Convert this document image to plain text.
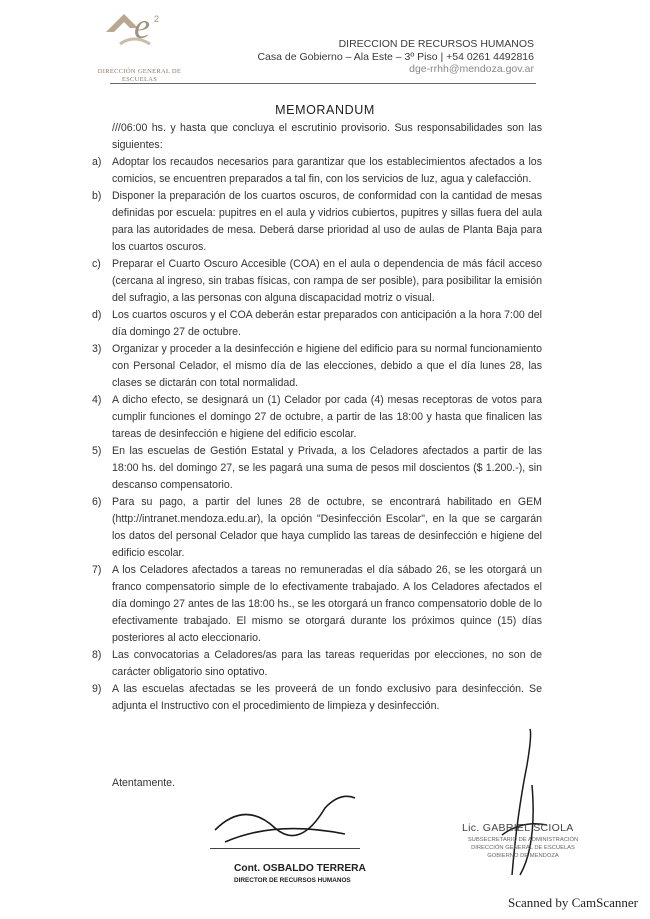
e 2
DIRECCIÓN GENERAL DE ESCUELAS
DIRECCION DE RECURSOS HUMANOS
Casa de Gobierno – Ala Este – 3º Piso | +54 0261 4492816
dge-rrhh@mendoza.gov.ar
MEMORANDUM

///06:00 hs. y hasta que concluya el escrutinio provisorio. Sus responsabilidades son las siguientes:

a) Adoptar los recaudos necesarios para garantizar que los establecimientos afectados a los comicios, se encuentren preparados a tal fin, con los servicios de luz, agua y calefacción.
b) Disponer la preparación de los cuartos oscuros, de conformidad con la cantidad de mesas definidas por escuela: pupitres en el aula y vidrios cubiertos, pupitres y sillas fuera del aula para las autoridades de mesa. Deberá darse prioridad al uso de aulas de Planta Baja para los cuartos oscuros.
c) Preparar el Cuarto Oscuro Accesible (COA) en el aula o dependencia de más fácil acceso (cercana al ingreso, sin trabas físicas, con rampa de ser posible), para posibilitar la emisión del sufragio, a las personas con alguna discapacidad motriz o visual.
d) Los cuartos oscuros y el COA deberán estar preparados con anticipación a la hora 7:00 del día domingo 27 de octubre.
3) Organizar y proceder a la desinfección e higiene del edificio para su normal funcionamiento con Personal Celador, el mismo día de las elecciones, debido a que el día lunes 28, las clases se dictarán con total normalidad.
4) A dicho efecto, se designará un (1) Celador por cada (4) mesas receptoras de votos para cumplir funciones el domingo 27 de octubre, a partir de las 18:00 y hasta que finalicen las tareas de desinfección e higiene del edificio escolar.
5) En las escuelas de Gestión Estatal y Privada, a los Celadores afectados a partir de las 18:00 hs. del domingo 27, se les pagará una suma de pesos mil doscientos ($ 1.200.-), sin descanso compensatorio.
6) Para su pago, a partir del lunes 28 de octubre, se encontrará habilitado en GEM (http://intranet.mendoza.edu.ar), la opción "Desinfección Escolar", en la que se cargarán los datos del personal Celador que haya cumplido las tareas de desinfección e higiene del edificio escolar.
7) A los Celadores afectados a tareas no remuneradas el día sábado 26, se les otorgará un franco compensatorio simple de lo efectivamente trabajado. A los Celadores afectados el día domingo 27 antes de las 18:00 hs., se les otorgará un franco compensatorio doble de lo efectivamente trabajado. El mismo se otorgará durante los próximos quince (15) días posteriores al acto eleccionario.
8) Las convocatorias a Celadores/as para las tareas requeridas por elecciones, no son de carácter obligatorio sino optativo.
9) A las escuelas afectadas se les proveerá de un fondo exclusivo para desinfección. Se adjunta el Instructivo con el procedimiento de limpieza y desinfección.
Atentamente.
Cont. OSBALDO TERRERA
DIRECTOR DE RECURSOS HUMANOS
Lic. GABRIEL SCIOLA
SUBSECRETARIO DE ADMINISTRACIÓN
DIRECCIÓN GENERAL DE ESCUELAS
GOBIERNO DE MENDOZA
Scanned by CamScanner
